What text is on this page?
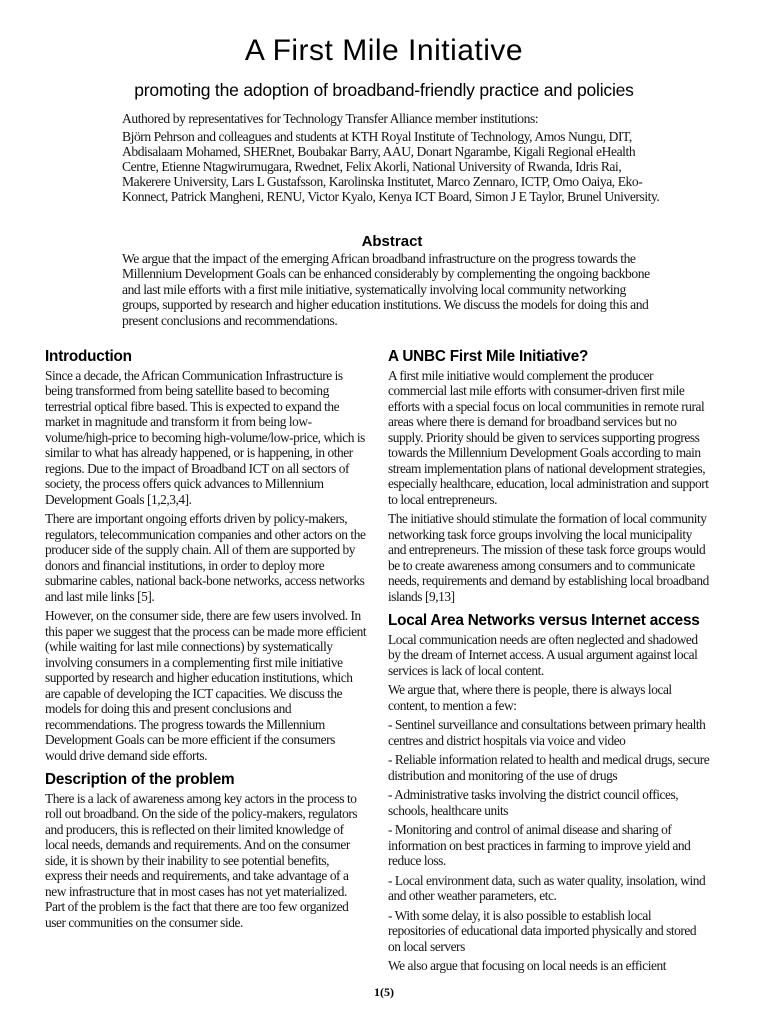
A First Mile Initiative
promoting the adoption of broadband-friendly practice and policies

Authored by representatives for Technology Transfer Alliance member institutions:

Björn Pehrson and colleagues and students at KTH Royal Institute of Technology, Amos Nungu, DIT, Abdisalaam Mohamed, SHERnet, Boubakar Barry, AAU, Donart Ngarambe, Kigali Regional eHealth Centre, Etienne Ntagwirumugara, Rwednet, Felix Akorli, National University of Rwanda, Idris Rai, Makerere University, Lars L Gustafsson, Karolinska Institutet, Marco Zennaro, ICTP, Omo Oaiya, Eko-Konnect, Patrick Mangheni, RENU, Victor Kyalo, Kenya ICT Board, Simon J E Taylor, Brunel University.

Abstract

We argue that the impact of the emerging African broadband infrastructure on the progress towards the Millennium Development Goals can be enhanced considerably by complementing the ongoing backbone and last mile efforts with a first mile initiative, systematically involving local community networking groups, supported by research and higher education institutions. We discuss the models for doing this and present conclusions and recommendations.

Introduction

Since a decade, the African Communication Infrastructure is being transformed from being satellite based to becoming terrestrial optical fibre based. This is expected to expand the market in magnitude and transform it from being low-volume/high-price to becoming high-volume/low-price, which is similar to what has already happened, or is happening, in other regions. Due to the impact of Broadband ICT on all sectors of society, the process offers quick advances to Millennium Development Goals [1,2,3,4].

There are important ongoing efforts driven by policy-makers, regulators, telecommunication companies and other actors on the producer side of the supply chain. All of them are supported by donors and financial institutions, in order to deploy more submarine cables, national back-bone networks, access networks and last mile links [5].

However, on the consumer side, there are few users involved. In this paper we suggest that the process can be made more efficient (while waiting for last mile connections) by systematically involving consumers in a complementing first mile initiative supported by research and higher education institutions, which are capable of developing the ICT capacities. We discuss the models for doing this and present conclusions and recommendations. The progress towards the Millennium Development Goals can be more efficient if the consumers would drive demand side efforts.

Description of the problem

There is a lack of awareness among key actors in the process to roll out broadband. On the side of the policy-makers, regulators and producers, this is reflected on their limited knowledge of local needs, demands and requirements. And on the consumer side, it is shown by their inability to see potential benefits, express their needs and requirements, and take advantage of a new infrastructure that in most cases has not yet materialized. Part of the problem is the fact that there are too few organized user communities on the consumer side.

A UNBC First Mile Initiative?

A first mile initiative would complement the producer commercial last mile efforts with consumer-driven first mile efforts with a special focus on local communities in remote rural areas where there is demand for broadband services but no supply. Priority should be given to services supporting progress towards the Millennium Development Goals according to main stream implementation plans of national development strategies, especially healthcare, education, local administration and support to local entrepreneurs.

The initiative should stimulate the formation of local community networking task force groups involving the local municipality and entrepreneurs. The mission of these task force groups would be to create awareness among consumers and to communicate needs, requirements and demand by establishing local broadband islands [9,13]

Local Area Networks versus Internet access

Local communication needs are often neglected and shadowed by the dream of Internet access. A usual argument against local services is lack of local content.

We argue that, where there is people, there is always local content, to mention a few:

- Sentinel surveillance and consultations between primary health centres and district hospitals via voice and video

- Reliable information related to health and medical drugs, secure distribution and monitoring of the use of drugs

- Administrative tasks involving the district council offices, schools, healthcare units

- Monitoring and control of animal disease and sharing of information on best practices in farming to improve yield and reduce loss.

- Local environment data, such as water quality, insolation, wind and other weather parameters, etc.

- With some delay, it is also possible to establish local repositories of educational data imported physically and stored on local servers

We also argue that focusing on local needs is an efficient

1(5)
